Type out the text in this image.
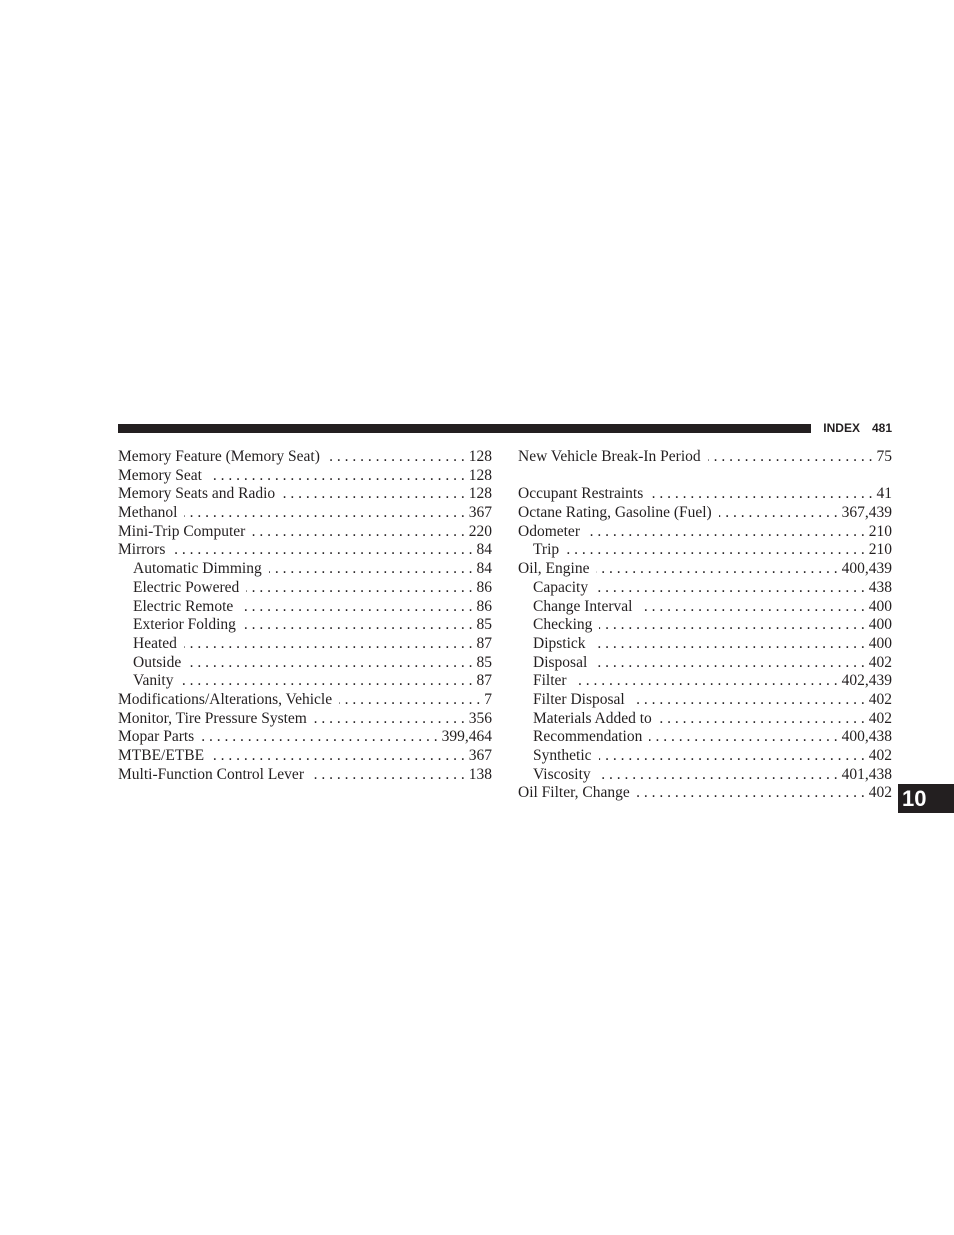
INDEX 481
Memory Feature (Memory Seat) . . .	128
Memory Seat . . .	128
Memory Seats and Radio . . .	128
Methanol . . .	367
Mini-Trip Computer . . .	220
Mirrors . . .	84
Automatic Dimming . . .	84
Electric Powered . . .	86
Electric Remote . . .	86
Exterior Folding . . .	85
Heated . . .	87
Outside . . .	85
Vanity . . .	87
Modifications/Alterations, Vehicle . . .	7
Monitor, Tire Pressure System . . .	356
Mopar Parts . . .	399,464
MTBE/ETBE . . .	367
Multi-Function Control Lever . . .	138
New Vehicle Break-In Period . . .	75
Occupant Restraints . . .	41
Octane Rating, Gasoline (Fuel) . . .	367,439
Odometer . . .	210
Trip . . .	210
Oil, Engine . . .	400,439
Capacity . . .	438
Change Interval . . .	400
Checking . . .	400
Dipstick . . .	400
Disposal . . .	402
Filter . . .	402,439
Filter Disposal . . .	402
Materials Added to . . .	402
Recommendation . . .	400,438
Synthetic . . .	402
Viscosity . . .	401,438
Oil Filter, Change . . .	402 10
